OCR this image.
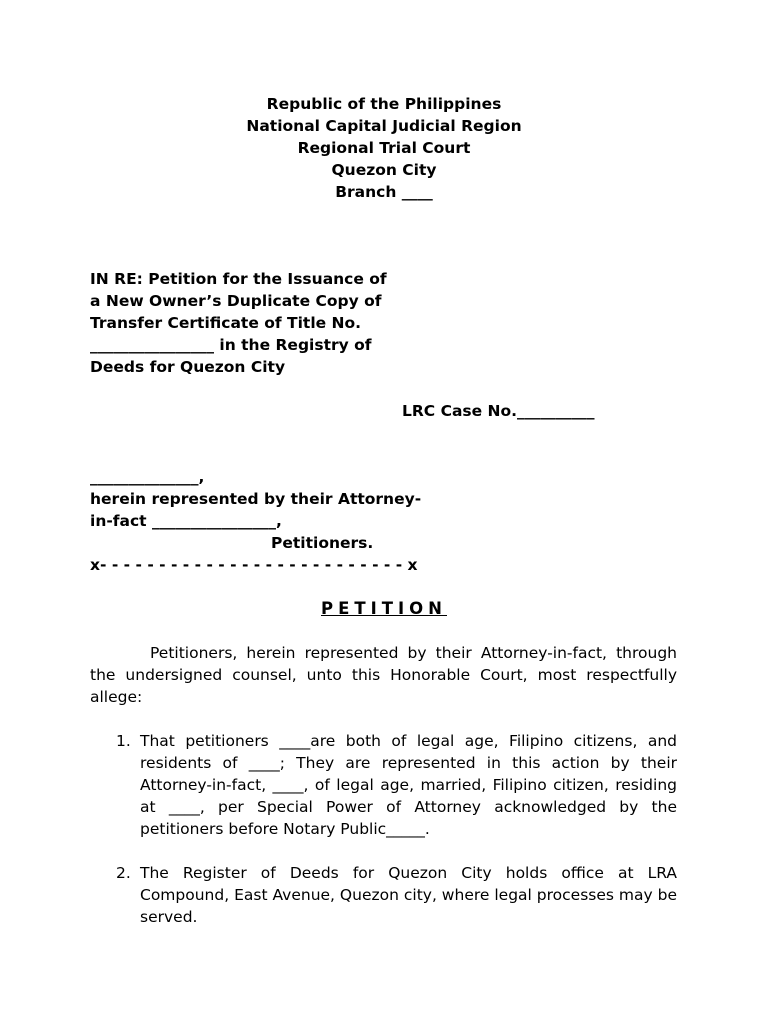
Republic of the Philippines
National Capital Judicial Region
Regional Trial Court
Quezon City
Branch ____
IN RE: Petition for the Issuance of
a New Owner’s Duplicate Copy of
Transfer Certificate of Title No.
________________ in the Registry of
Deeds for Quezon City
LRC Case No.__________
______________,
herein represented by their Attorney-
in-fact ________________,
Petitioners.
x- - - - - - - - - - - - - - - - - - - - - - - - - - x
PETITION

Petitioners, herein represented by their Attorney-in-fact, through the undersigned counsel, unto this Honorable Court, most respectfully allege:

1. That petitioners ____are both of legal age, Filipino citizens, and residents of ____; They are represented in this action by their Attorney-in-fact, ____, of legal age, married, Filipino citizen, residing at ____, per Special Power of Attorney acknowledged by the petitioners before Notary Public_____.
2. The Register of Deeds for Quezon City holds office at LRA Compound, East Avenue, Quezon city, where legal processes may be served.
